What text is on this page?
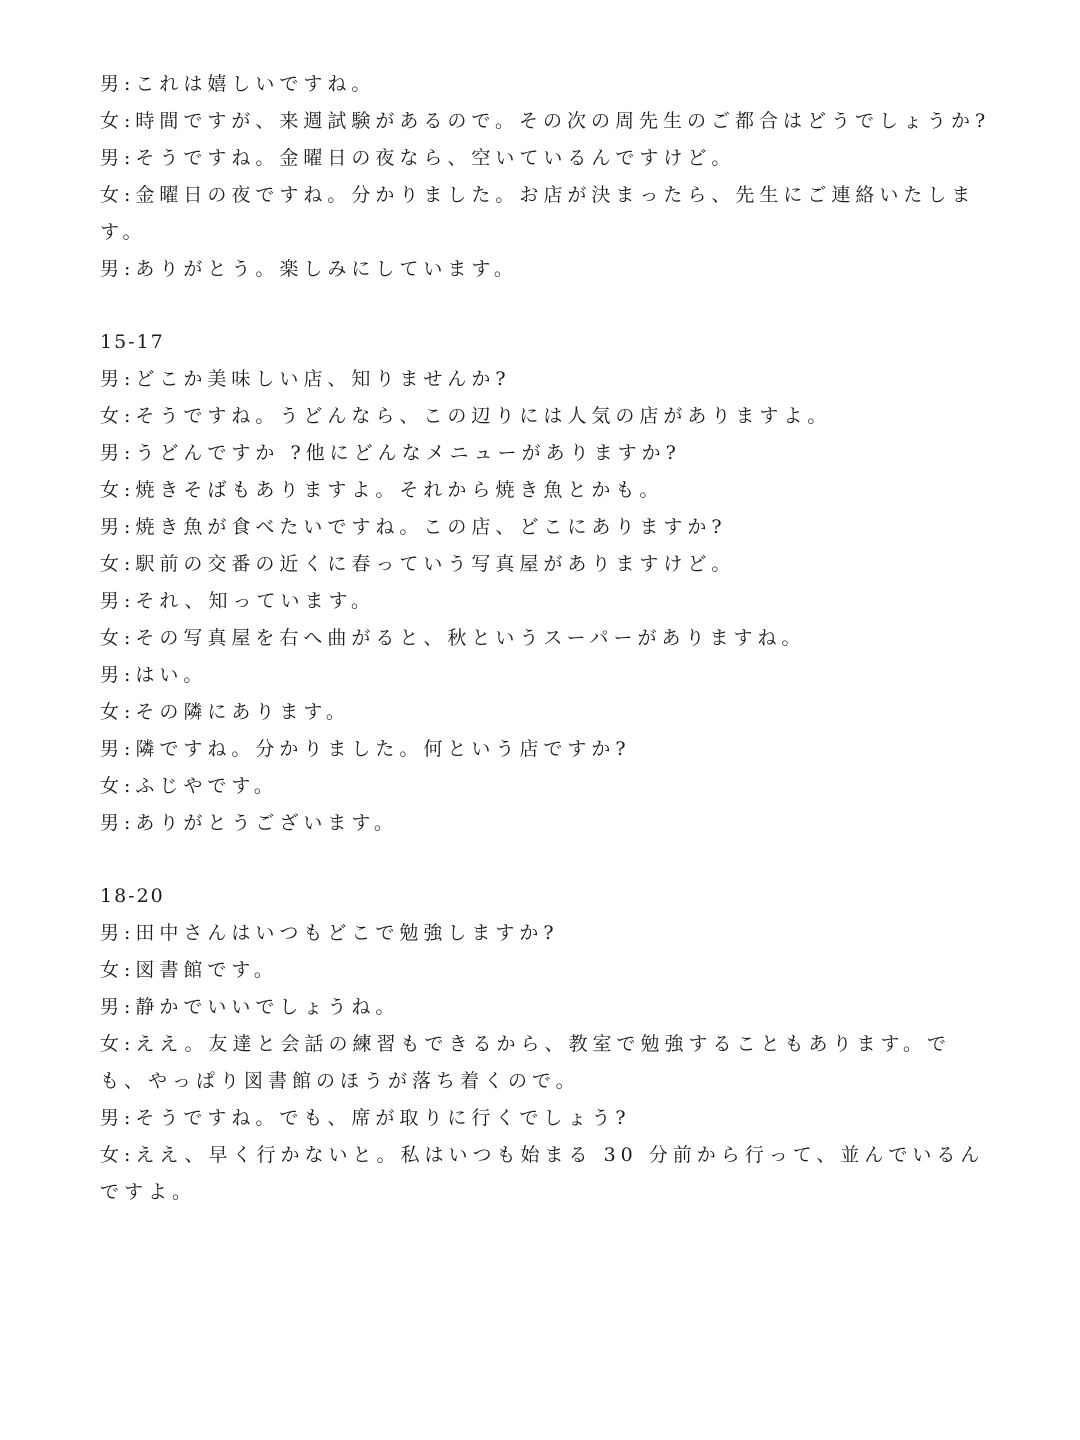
男:これは嬉しいですね。
女:時間ですが、来週試験があるので。その次の周先生のご都合はどうでしょうか?
男:そうですね。金曜日の夜なら、空いているんですけど。
女:金曜日の夜ですね。分かりました。お店が決まったら、先生にご連絡いたします。
男:ありがとう。楽しみにしています。
15-17
男:どこか美味しい店、知りませんか?
女:そうですね。うどんなら、この辺りには人気の店がありますよ。
男:うどんですか ?他にどんなメニューがありますか?
女:焼きそばもありますよ。それから焼き魚とかも。
男:焼き魚が食べたいですね。この店、どこにありますか?
女:駅前の交番の近くに春っていう写真屋がありますけど。
男:それ、知っています。
女:その写真屋を右へ曲がると、秋というスーパーがありますね。
男:はい。
女:その隣にあります。
男:隣ですね。分かりました。何という店ですか?
女:ふじやです。
男:ありがとうございます。
18-20
男:田中さんはいつもどこで勉強しますか?
女:図書館です。
男:静かでいいでしょうね。
女:ええ。友達と会話の練習もできるから、教室で勉強することもあります。でも、やっぱり図書館のほうが落ち着くので。
男:そうですね。でも、席が取りに行くでしょう?
女:ええ、早く行かないと。私はいつも始まる 30 分前から行って、並んでいるんですよ。
